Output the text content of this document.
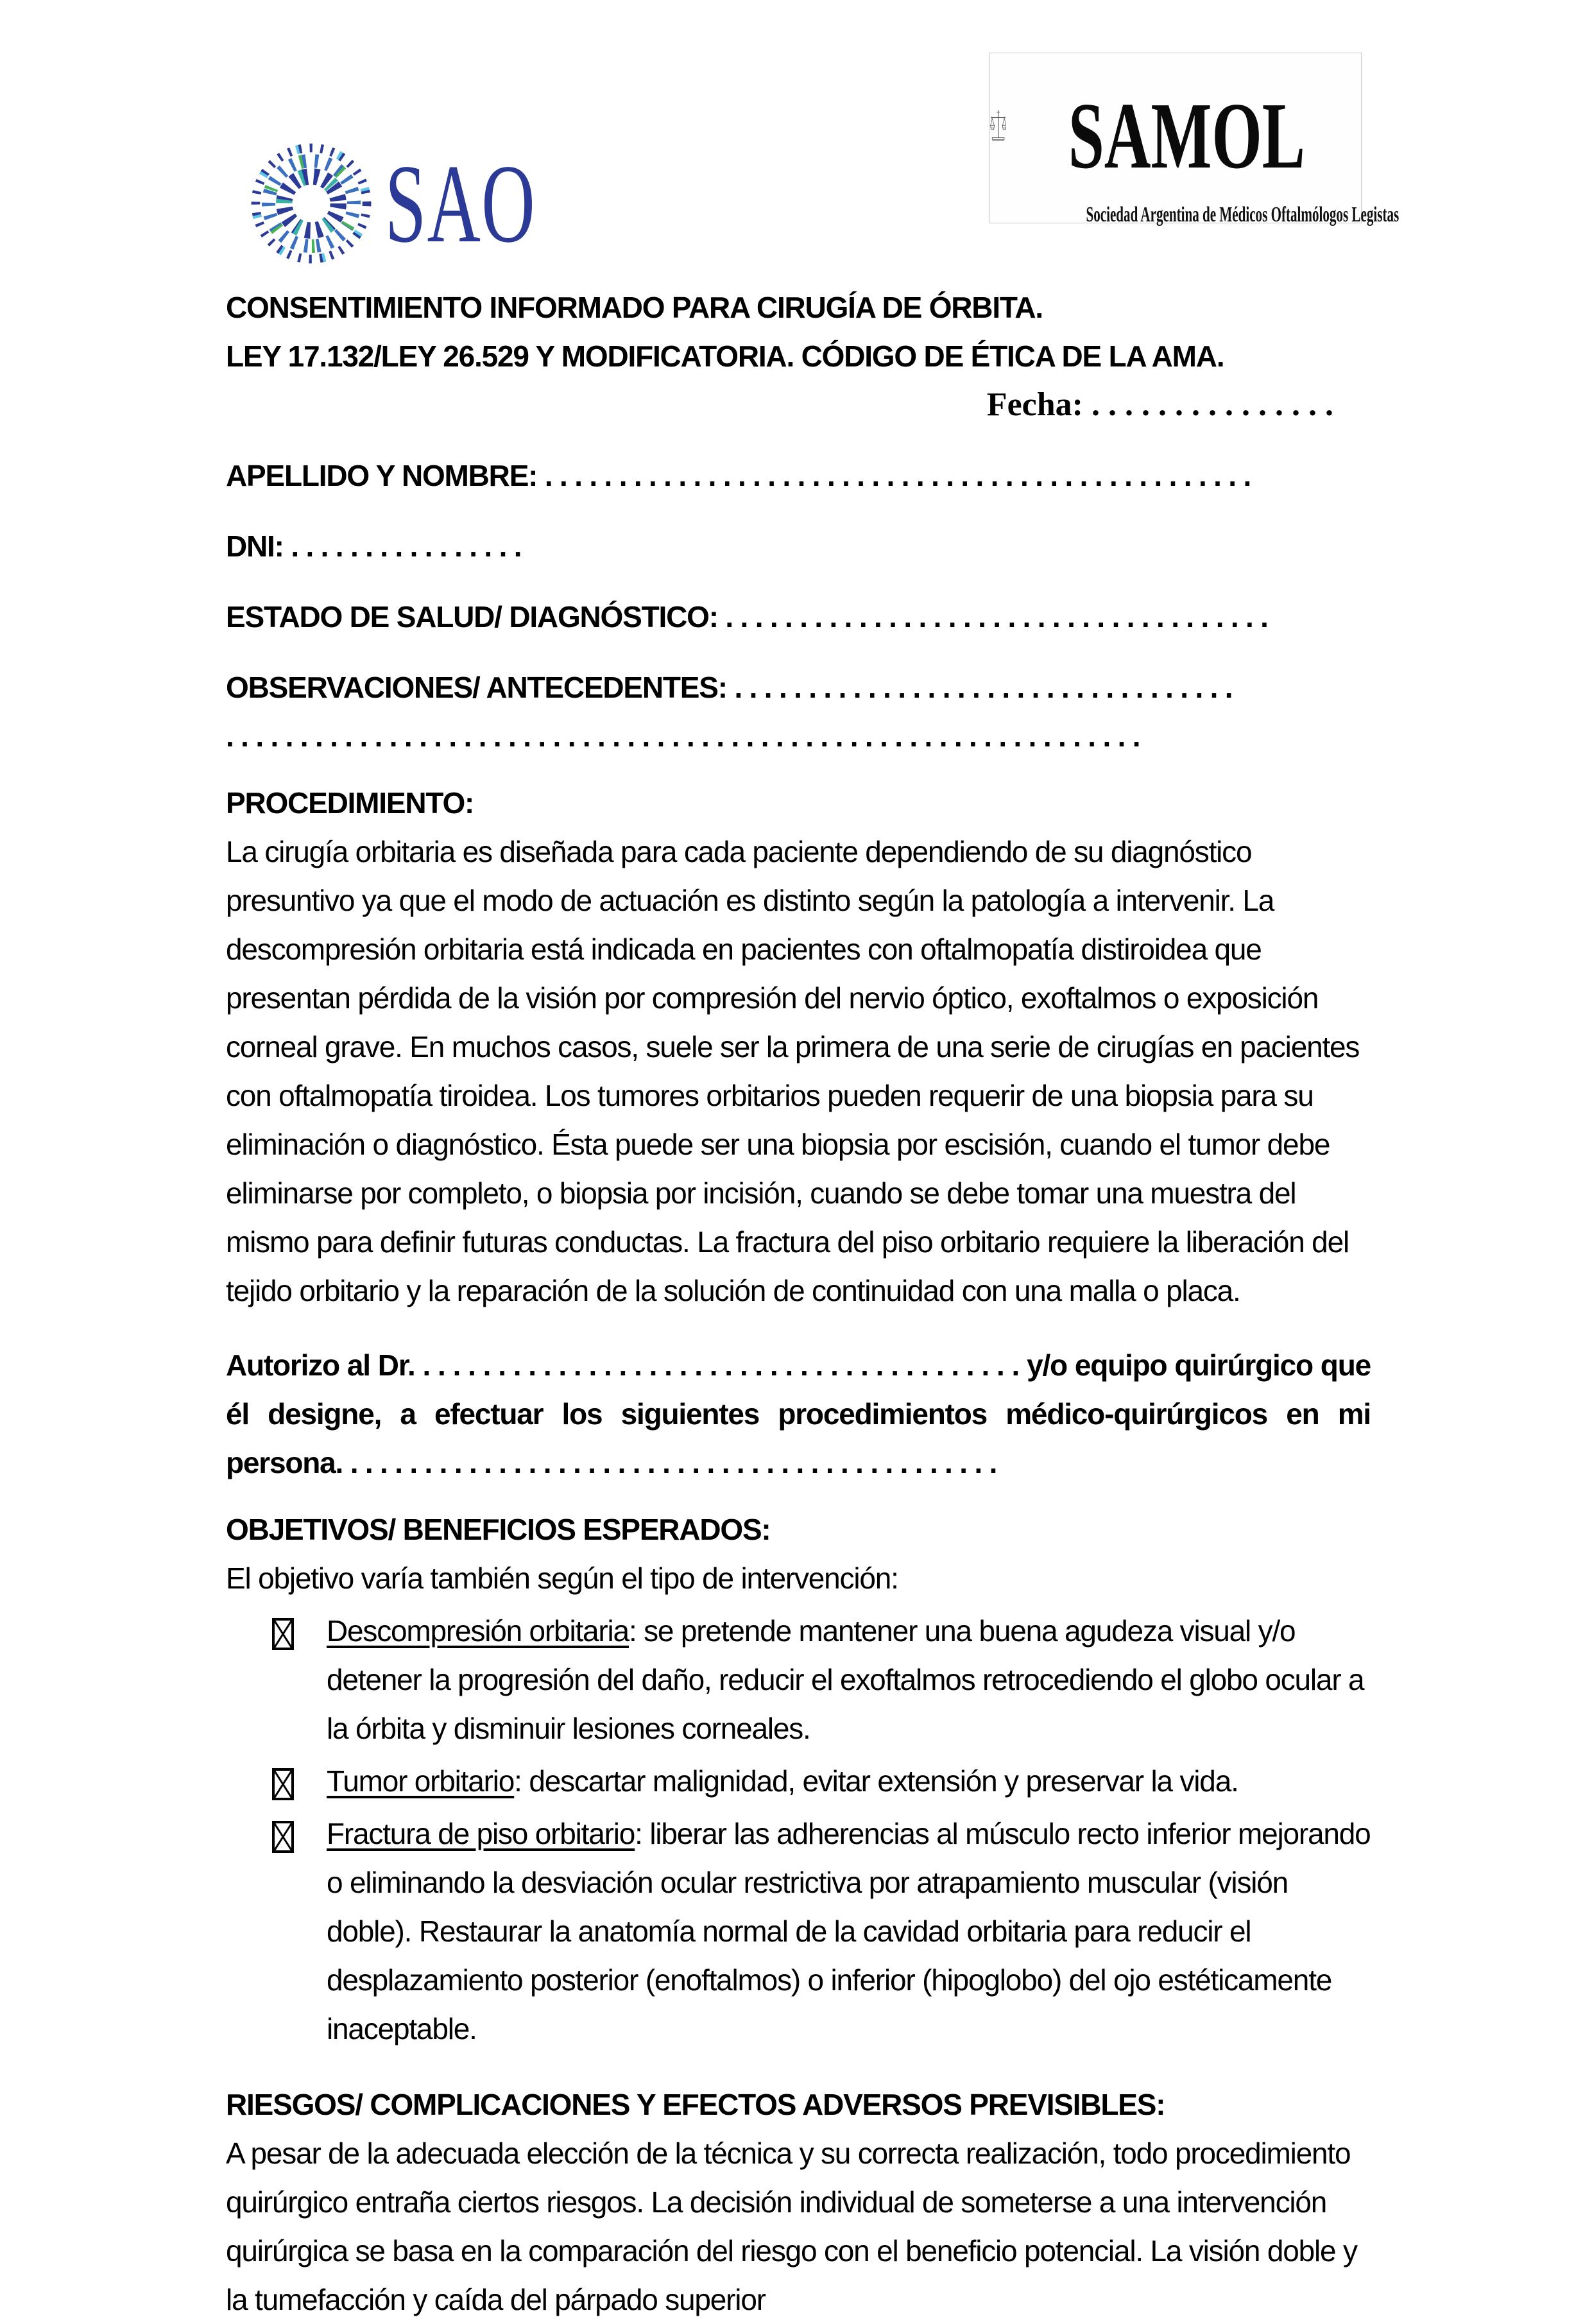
SAO
SAMOL
Sociedad Argentina de Médicos Oftalmólogos Legistas
CONSENTIMIENTO INFORMADO PARA CIRUGÍA DE ÓRBITA.
LEY 17.132/LEY 26.529 Y MODIFICATORIA. CÓDIGO DE ÉTICA DE LA AMA.
Fecha: . . . . . . . . . . . . . . .
APELLIDO Y NOMBRE: . . . . . . . . . . . . . . . . . . . . . . . . . . . . . . . . . . . . . . . . . . . . . . . .
DNI: . . . . . . . . . . . . . . . .
ESTADO DE SALUD/ DIAGNÓSTICO: . . . . . . . . . . . . . . . . . . . . . . . . . . . . . . . . . . . . .
OBSERVACIONES/ ANTECEDENTES: . . . . . . . . . . . . . . . . . . . . . . . . . . . . . . . . . .
. . . . . . . . . . . . . . . . . . . . . . . . . . . . . . . . . . . . . . . . . . . . . . . . . . . . . . . . . . . . . .
PROCEDIMIENTO:
La cirugía orbitaria es diseñada para cada paciente dependiendo de su diagnóstico presuntivo ya que el modo de actuación es distinto según la patología a intervenir. La descompresión orbitaria está indicada en pacientes con oftalmopatía distiroidea que presentan pérdida de la visión por compresión del nervio óptico, exoftalmos o exposición corneal grave. En muchos casos, suele ser la primera de una serie de cirugías en pacientes con oftalmopatía tiroidea. Los tumores orbitarios pueden requerir de una biopsia para su eliminación o diagnóstico. Ésta puede ser una biopsia por escisión, cuando el tumor debe eliminarse por completo, o biopsia por incisión, cuando se debe tomar una muestra del mismo para definir futuras conductas. La fractura del piso orbitario requiere la liberación del tejido orbitario y la reparación de la solución de continuidad con una malla o placa.
Autorizo al Dr. . . . . . . . . . . . . . . . . . . . . . . . . . . . . . . . . . . . . . . . . y/o equipo quirúrgico que él designe, a efectuar los siguientes procedimientos médico-quirúrgicos en mi persona. . . . . . . . . . . . . . . . . . . . . . . . . . . . . . . . . . . . . . . . . . . . .
OBJETIVOS/ BENEFICIOS ESPERADOS:
El objetivo varía también según el tipo de intervención:
Descompresión orbitaria: se pretende mantener una buena agudeza visual y/o detener la progresión del daño, reducir el exoftalmos retrocediendo el globo ocular a la órbita y disminuir lesiones corneales.
Tumor orbitario: descartar malignidad, evitar extensión y preservar la vida.
Fractura de piso orbitario: liberar las adherencias al músculo recto inferior mejorando o eliminando la desviación ocular restrictiva por atrapamiento muscular (visión doble). Restaurar la anatomía normal de la cavidad orbitaria para reducir el desplazamiento posterior (enoftalmos) o inferior (hipoglobo) del ojo estéticamente inaceptable.
RIESGOS/ COMPLICACIONES Y EFECTOS ADVERSOS PREVISIBLES:
A pesar de la adecuada elección de la técnica y su correcta realización, todo procedimiento quirúrgico entraña ciertos riesgos. La decisión individual de someterse a una intervención quirúrgica se basa en la comparación del riesgo con el beneficio potencial. La visión doble y la tumefacción y caída del párpado superior
